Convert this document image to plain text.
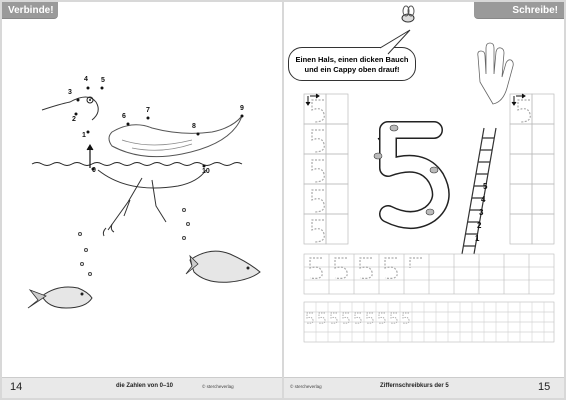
Verbinde!
0
1
2
3
4 5
6
7
8
9
10
14	die Zahlen von 0–10	© stercheverlag
Schreibe!
Einen Hals, einen dicken Bauch und ein Cappy oben drauf!
5
4
3
2
1
© stercheverlag	Ziffernschreibkurs der 5	15
